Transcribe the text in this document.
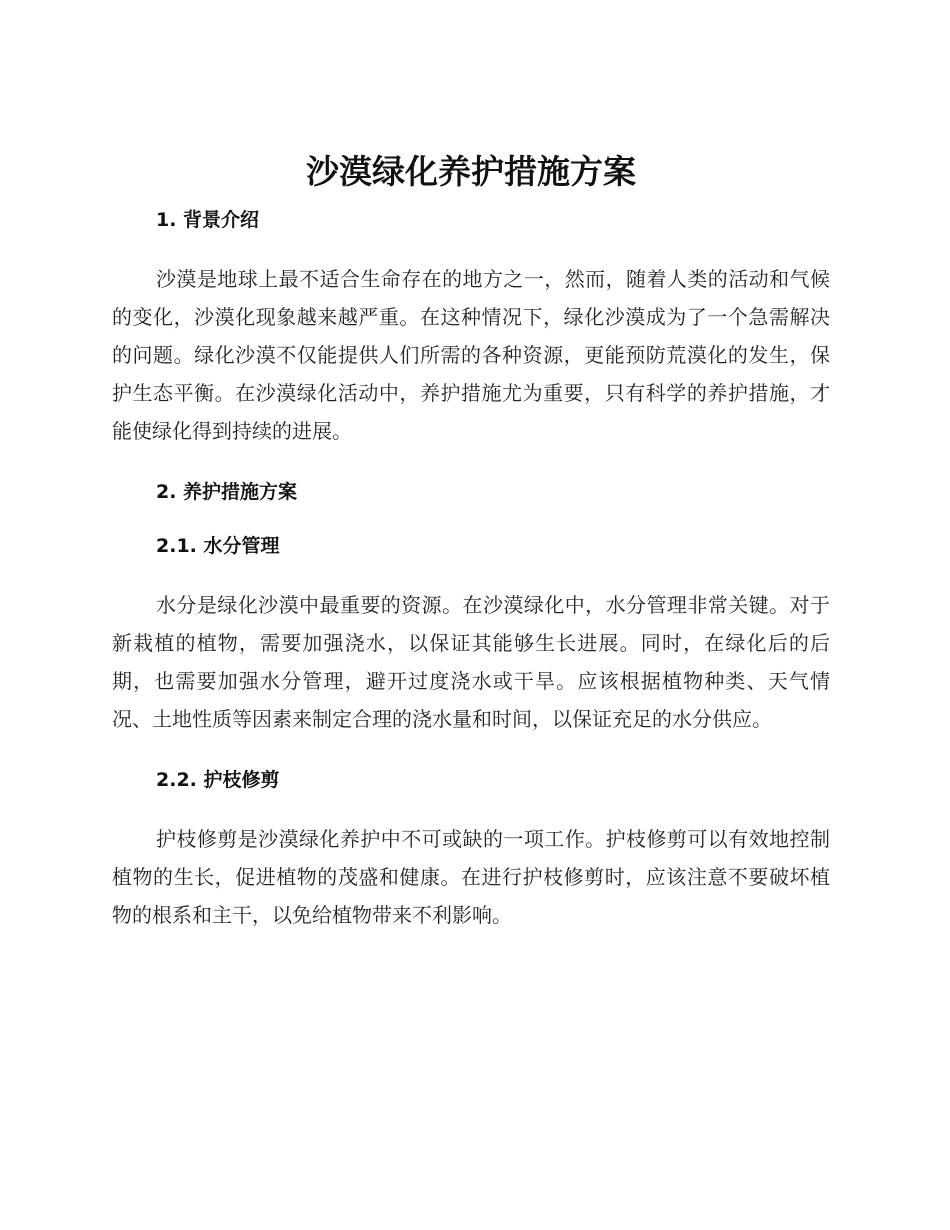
沙漠绿化养护措施方案
1. 背景介绍

沙漠是地球上最不适合生命存在的地方之一，然而，随着人类的活动和气候的变化，沙漠化现象越来越严重。在这种情况下，绿化沙漠成为了一个急需解决的问题。绿化沙漠不仅能提供人们所需的各种资源，更能预防荒漠化的发生，保护生态平衡。在沙漠绿化活动中，养护措施尤为重要，只有科学的养护措施，才能使绿化得到持续的进展。

2. 养护措施方案
2.1. 水分管理

水分是绿化沙漠中最重要的资源。在沙漠绿化中，水分管理非常关键。对于新栽植的植物，需要加强浇水，以保证其能够生长进展。同时，在绿化后的后期，也需要加强水分管理，避开过度浇水或干旱。应该根据植物种类、天气情况、土地性质等因素来制定合理的浇水量和时间，以保证充足的水分供应。

2.2. 护枝修剪

护枝修剪是沙漠绿化养护中不可或缺的一项工作。护枝修剪可以有效地控制植物的生长，促进植物的茂盛和健康。在进行护枝修剪时，应该注意不要破坏植物的根系和主干，以免给植物带来不利影响。
